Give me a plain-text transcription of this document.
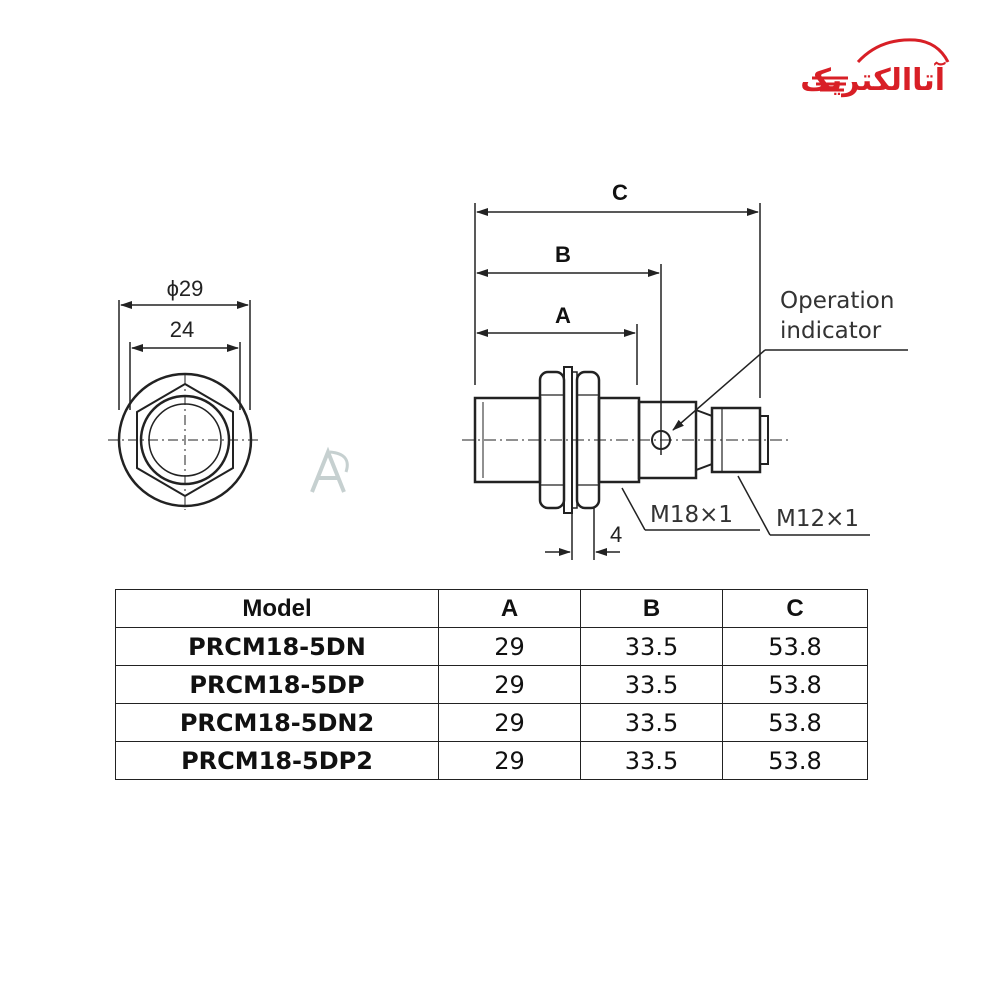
آتاالکتریک
ϕ29
24
C
B
A
Operation
indicator
M18×1 M12×1
4
Model	A	B	C
PRCM18-5DN	29	33.5	53.8
PRCM18-5DP	29	33.5	53.8
PRCM18-5DN2	29	33.5	53.8
PRCM18-5DP2	29	33.5	53.8
